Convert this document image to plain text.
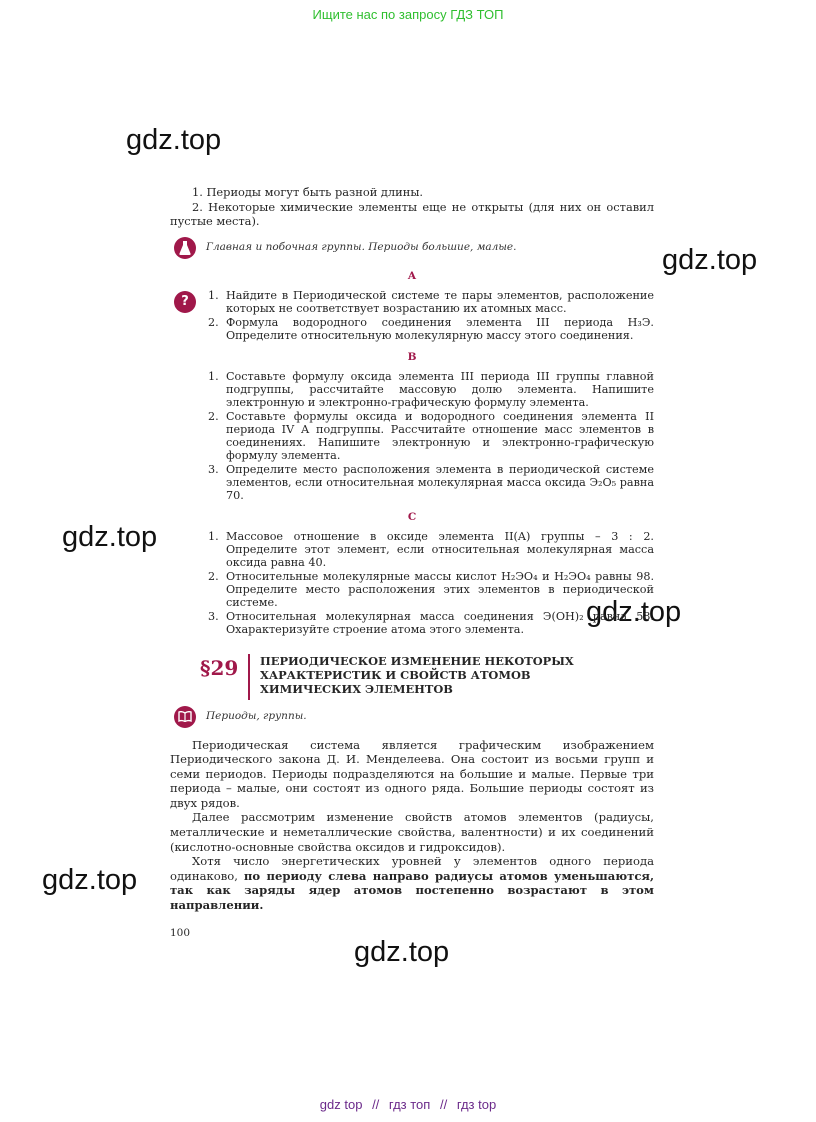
Ищите нас по запросу ГДЗ ТОП
gdz.top
gdz.top
gdz.top
gdz.top
gdz.top
gdz.top

1. Периоды могут быть разной длины.

2. Некоторые химические элементы еще не открыты (для них он оставил пустые места).

Главная и побочная группы. Периоды большие, малые.
A
?	1. Найдите в Периодической системе те пары элементов, расположение которых не соответствует возрастанию их атомных масс.
2. Формула водородного соединения элемента III периода H₃Э. Определите относительную молекулярную массу этого соединения.
B
1. Составьте формулу оксида элемента III периода III группы главной подгруппы, рассчитайте массовую долю элемента. Напишите электронную и электронно-графическую формулу элемента.
2. Составьте формулы оксида и водородного соединения элемента II периода IV А подгруппы. Рассчитайте отношение масс элементов в соединениях. Напишите электронную и электронно-графическую формулу элемента.
3. Определите место расположения элемента в периодической системе элементов, если относительная молекулярная масса оксида Э₂O₅ равна 70.
C
1. Массовое отношение в оксиде элемента II(A) группы – 3 : 2. Определите этот элемент, если относительная молекулярная масса оксида равна 40.
2. Относительные молекулярные массы кислот H₂ЭO₄ и H₂ЭO₄ равны 98. Определите место расположения этих элементов в периодической системе.
3. Относительная молекулярная масса соединения Э(OH)₂ равна 58. Охарактеризуйте строение атома этого элемента.
§29 ПЕРИОДИЧЕСКОЕ ИЗМЕНЕНИЕ НЕКОТОРЫХ
ХАРАКТЕРИСТИК И СВОЙСТВ АТОМОВ
ХИМИЧЕСКИХ ЭЛЕМЕНТОВ
Периоды, группы.

Периодическая система является графическим изображением Периодического закона Д. И. Менделеева. Она состоит из восьми групп и семи периодов. Периоды подразделяются на большие и малые. Первые три периода – малые, они состоят из одного ряда. Большие периоды состоят из двух рядов.

Далее рассмотрим изменение свойств атомов элементов (радиусы, металлические и неметаллические свойства, валентности) и их соединений (кислотно-основные свойства оксидов и гидроксидов).

Хотя число энергетических уровней у элементов одного периода одинаково, по периоду слева направо радиусы атомов уменьшаются, так как заряды ядер атомов постепенно возрастают в этом направлении.

100
gdz top // гдз топ // гдз top
